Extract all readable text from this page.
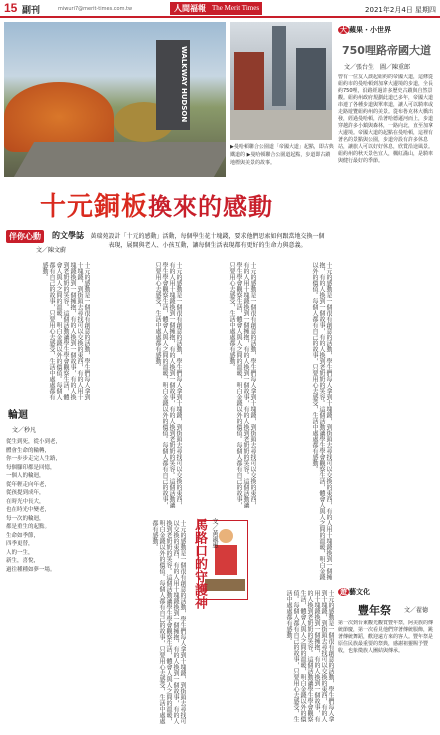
15 副刊	miwuri7@merit-times.com.tw	人間福報 The Merit Times	2021年2月4日 星期四
WALKWAY
HUDSON
▶曼哈頓聯合公園道「帝國大道」起點，即古典鐵道的 ▶曼哈頓聯合公園道起點，步道即古蹟地標與美景的故事。
十元銅板換來的感動
伴你心動	的文學誌
文／陳文蔚
黃瑞苑設計「十元的感動」活動，每個學生花十塊錢，要求他們思索如何跟當地交換一個表現，展開與老人、小孩互動，讓每個生活表現都有更好的生命力與意義。
十元的感動是一個很有創意的活動，學生們每人拿到十塊錢，到街頭去尋找可以交換的東西，有的人用十塊錢換到一個擁抱，有的人換到一個故事，有的人換到老奶奶的笑容。這個活動讓學生學會觀察生活，體會人與人之間的溫暖，明白金錢以外的價值。每個人都有自己的故事，只要用心去感受，生活中處處都有感動。	十元的感動是一個很有創意的活動，學生們每人拿到十塊錢，到街頭去尋找可以交換的東西，有的人用十塊錢換到一個擁抱，有的人換到一個故事，有的人換到老奶奶的笑容。這個活動讓學生學會觀察生活，體會人與人之間的溫暖，明白金錢以外的價值。每個人都有自己的故事，只要用心去感受，生活中處處都有感動。	十元的感動是一個很有創意的活動，學生們每人拿到十塊錢，到街頭去尋找可以交換的東西，有的人用十塊錢換到一個擁抱，有的人換到一個故事，有的人換到老奶奶的笑容。這個活動讓學生學會觀察生活，體會人與人之間的溫暖，明白金錢以外的價值。每個人都有自己的故事，只要用心去感受，生活中處處都有感動。	十元的感動是一個很有創意的活動，學生們每人拿到十塊錢，到街頭去尋找可以交換的東西，有的人用十塊錢換到一個擁抱，有的人換到一個故事，有的人換到老奶奶的笑容。這個活動讓學生學會觀察生活，體會人與人之間的溫暖，明白金錢以外的價值。每個人都有自己的故事，只要用心去感受，生活中處處都有感動。
輪迴
文／秒凡
從生到死，從小到老，
體會生命的輪轉，
你一步步走完人生路，
每個腳印都是回憶，
一個人的輪迴，
從年輕走向年老，
從孩提到成年，
在時光中長大，
也在時光中變老，
每一次的輪迴，
都是重生的起點。
生命如季節，
四季更替，
人的一生，
新生，喜悅，
過往種種如夢一場。	馬路口的守護神 文／黃淑惠
十元的感動是一個很有創意的活動，學生們每人拿到十塊錢，到街頭去尋找可以交換的東西，有的人用十塊錢換到一個擁抱，有的人換到一個故事，有的人換到老奶奶的笑容。這個活動讓學生學會觀察生活，體會人與人之間的溫暖，明白金錢以外的價值。每個人都有自己的故事，只要用心去感受，生活中處處都有感動。
十元的感動是一個很有創意的活動，學生們每人拿到十塊錢，到街頭去尋找可以交換的東西，有的人用十塊錢換到一個擁抱，有的人換到一個故事，有的人換到老奶奶的笑容。這個活動讓學生學會觀察生活，體會人與人之間的溫暖，明白金錢以外的價值。每個人都有自己的故事，只要用心去感受，生活中處處都有感動。
大 蘋果・小世界
750哩路帝國大道
文／張台生　圖／陳重郎

曾有一位友人談起紐約的帝國大道，這條從紐約市的曼哈頓到加拿大邊境的步道，全長約750哩，沿路經過許多歷史古蹟與自然景觀。紐約州政府規劃此道已多年，帝國大道串連了各種步道與單車道，讓人可以騎車或走路遊覽紐約州的美景。從布魯克林大橋出發，經過曼哈頓，沿著哈德遜河而上，步道穿越許多小鎮與森林，一路向北，直至加拿大邊境。帝國大道的起點在曼哈頓，這裡有著名的景點與公園，步道旁設有許多休息站，讓旅人可以好好休息，欣賞沿途風景。紐約州的秋天景色宜人，楓紅滿山，是騎車與健行最好的季節。

遊 藝文化
豐年祭 文／翟德

第一次到台東觀光觀賞豐年祭，阿美族的傳統節慶，第一次看見他們穿著傳統服飾，跳著傳統舞蹈，歡迎遠方來的客人。豐年祭是原住民族最重要的祭典，感謝祖靈賜予豐收，也象徵族人團結與傳承。
